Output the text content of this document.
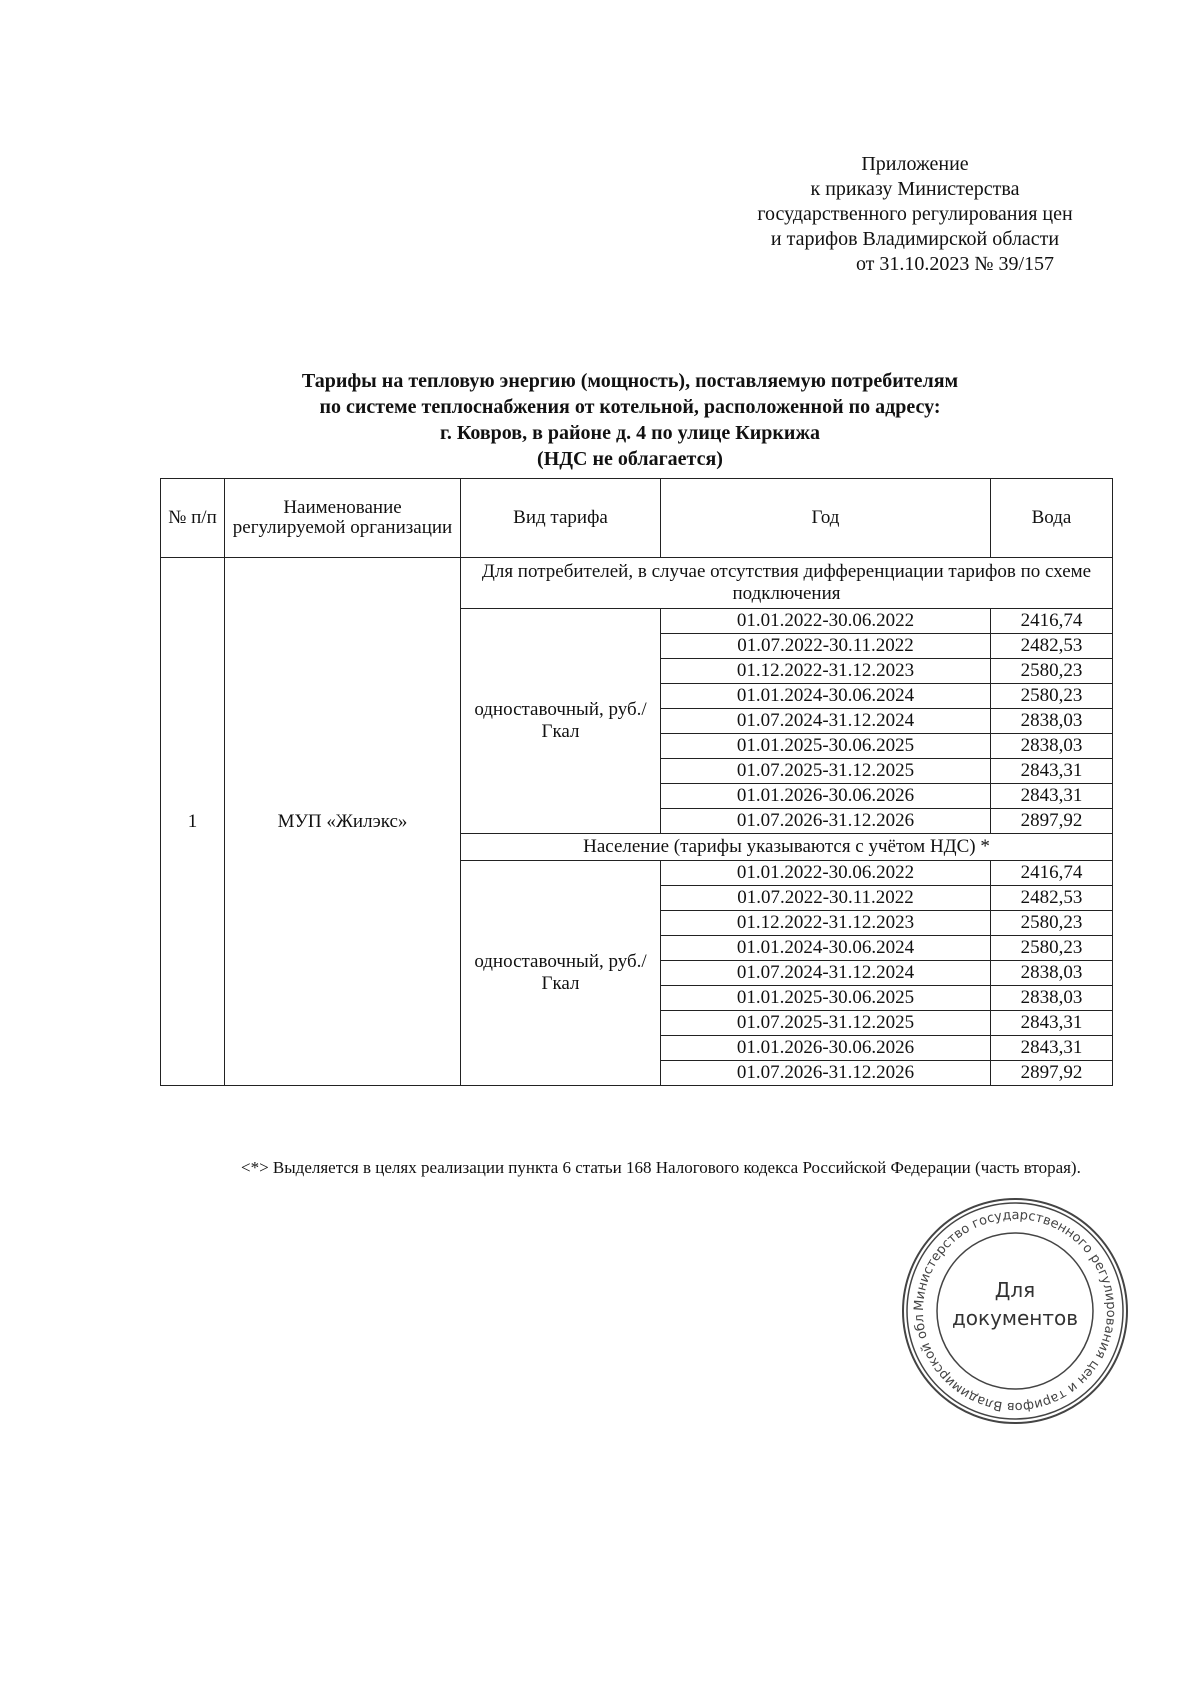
Приложение
к приказу Министерства
государственного регулирования цен
и тарифов Владимирской области
от 31.10.2023 № 39/157
Тарифы на тепловую энергию (мощность), поставляемую потребителям
по системе теплоснабжения от котельной, расположенной по адресу:
г. Ковров, в районе д. 4 по улице Киркижа
(НДС не облагается)
№ п/п	Наименование регулируемой организации	Вид тарифа	Год	Вода
1	МУП «Жилэкс»	Для потребителей, в случае отсутствия дифференциации тарифов по схеме подключения		
		одноставочный, руб./Гкал	01.01.2022-30.06.2022	2416,74
			01.07.2022-30.11.2022	2482,53
			01.12.2022-31.12.2023	2580,23
			01.01.2024-30.06.2024	2580,23
			01.07.2024-31.12.2024	2838,03
			01.01.2025-30.06.2025	2838,03
			01.07.2025-31.12.2025	2843,31
			01.01.2026-30.06.2026	2843,31
			01.07.2026-31.12.2026	2897,92
		Население (тарифы указываются с учётом НДС) *		
		одноставочный, руб./Гкал	01.01.2022-30.06.2022	2416,74
			01.07.2022-30.11.2022	2482,53
			01.12.2022-31.12.2023	2580,23
			01.01.2024-30.06.2024	2580,23
			01.07.2024-31.12.2024	2838,03
			01.01.2025-30.06.2025	2838,03
			01.07.2025-31.12.2025	2843,31
			01.01.2026-30.06.2026	2843,31
			01.07.2026-31.12.2026	2897,92
<*> Выделяется в целях реализации пункта 6 статьи 168 Налогового кодекса Российской Федерации (часть вторая).
Министерство государственного регулирования цен и тарифов Владимирской обл
Для
документов
